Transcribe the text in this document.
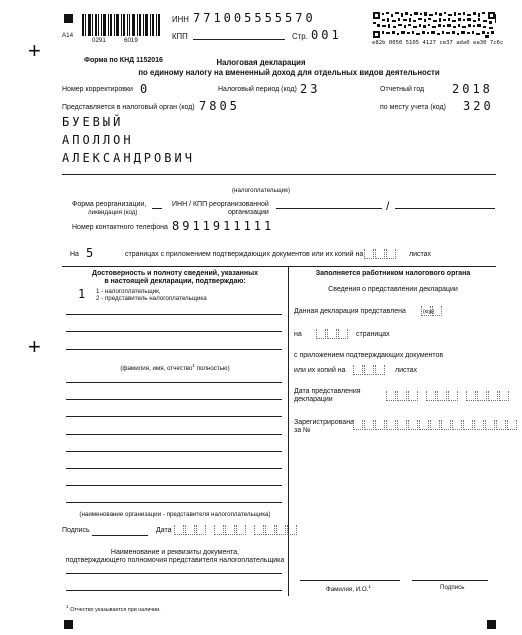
+
+
A14
0291	6019
ИНН 771005555570
КПП	Стр. 001
e82b 0050 5105 4127 ce37 ada0 ea30 7c6c
Форма по КНД 1152016	Налоговая декларация
по единому налогу на вмененный доход для отдельных видов деятельности
Номер корректировки 0	Налоговый период (код) 23	Отчетный год 2018
Представляется в налоговый орган (код) 7805	по месту учета (код) 320
БУЕВЫЙ
АПОЛЛОН
АЛЕКСАНДРОВИЧ
(налогоплательщик)
Форма реорганизации,
ликвидация (код)
ИНН / КПП реорганизованной
организации	/
Номер контактного телефона 8911911111
На 5	страницах с приложением подтверждающих документов или их копий на	листах
Достоверность и полноту сведений, указанных
в настоящей декларации, подтверждаю:
1 1 - налогоплательщик,
2 - представитель налогоплательщика
(фамилия, имя, отчество$^1$ полностью)
(наименование организации - представителя налогоплательщика)
Подпись	Дата
Наименование и реквизиты документа,
подтверждающего полномочия представителя налогоплательщика
Заполняется работником налогового органа
Сведения о представлении декларации
Данная декларация представлена	(код)
на	страницах
с приложением подтверждающих документов
или их копий на	листах
Дата представления
декларации
Зарегистрирована
за №
Фамилия, И.О.$^1$	Подпись
$^1$ Отчество указывается при наличии.
